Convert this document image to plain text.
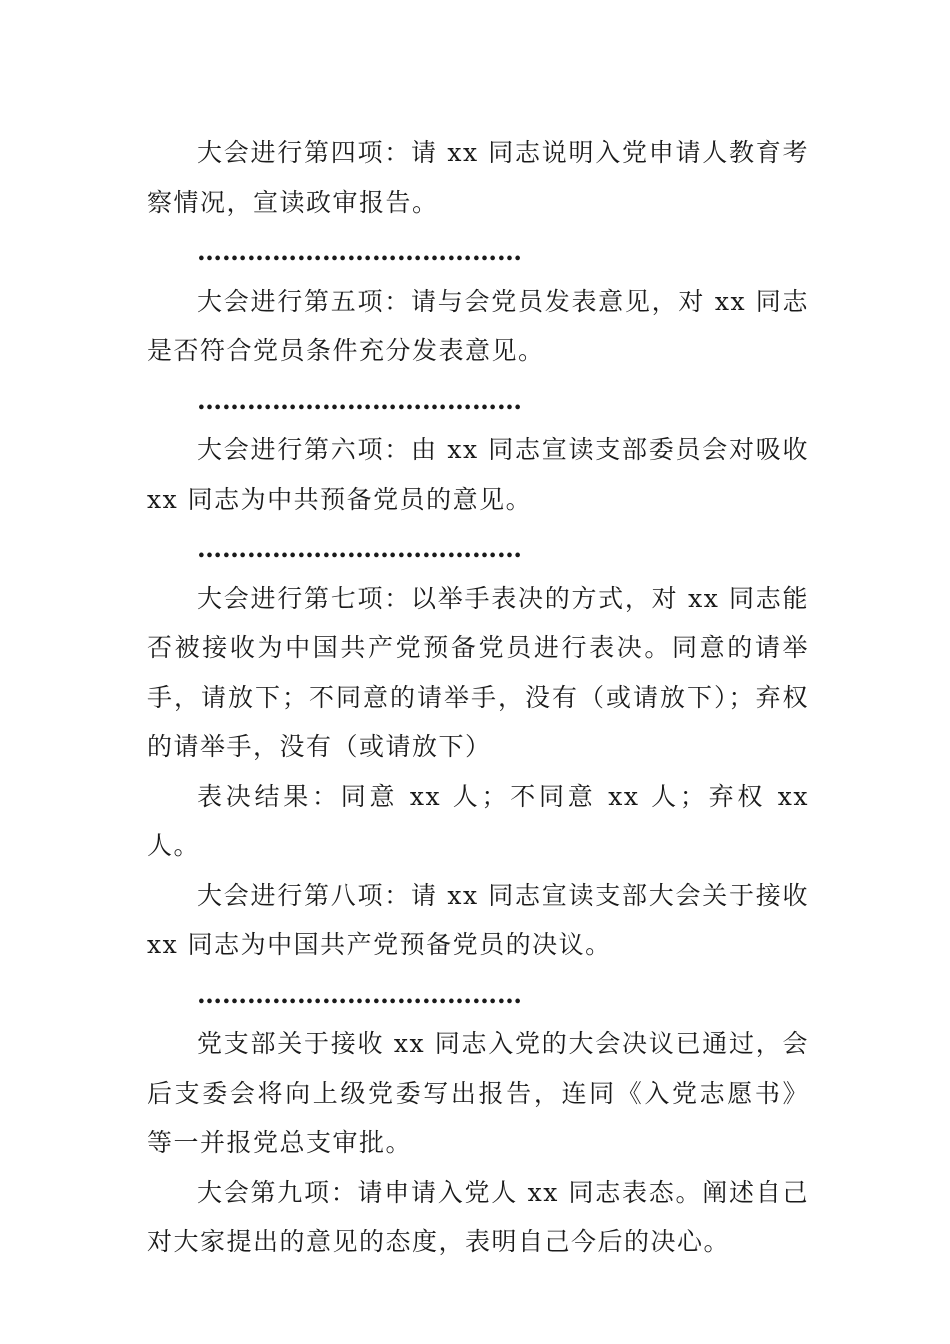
大会进行第四项：请 xx 同志说明入党申请人教育考察情况，宣读政审报告。

…………………………………

大会进行第五项：请与会党员发表意见，对 xx 同志是否符合党员条件充分发表意见。

…………………………………

大会进行第六项：由 xx 同志宣读支部委员会对吸收 xx 同志为中共预备党员的意见。

…………………………………

大会进行第七项：以举手表决的方式，对 xx 同志能否被接收为中国共产党预备党员进行表决。同意的请举手，请放下；不同意的请举手，没有（或请放下）；弃权的请举手，没有（或请放下）

表决结果：同意 xx 人；不同意 xx 人；弃权 xx 人。

大会进行第八项：请 xx 同志宣读支部大会关于接收 xx 同志为中国共产党预备党员的决议。

…………………………………

党支部关于接收 xx 同志入党的大会决议已通过，会后支委会将向上级党委写出报告，连同《入党志愿书》等一并报党总支审批。

大会第九项：请申请入党人 xx 同志表态。阐述自己对大家提出的意见的态度，表明自己今后的决心。
